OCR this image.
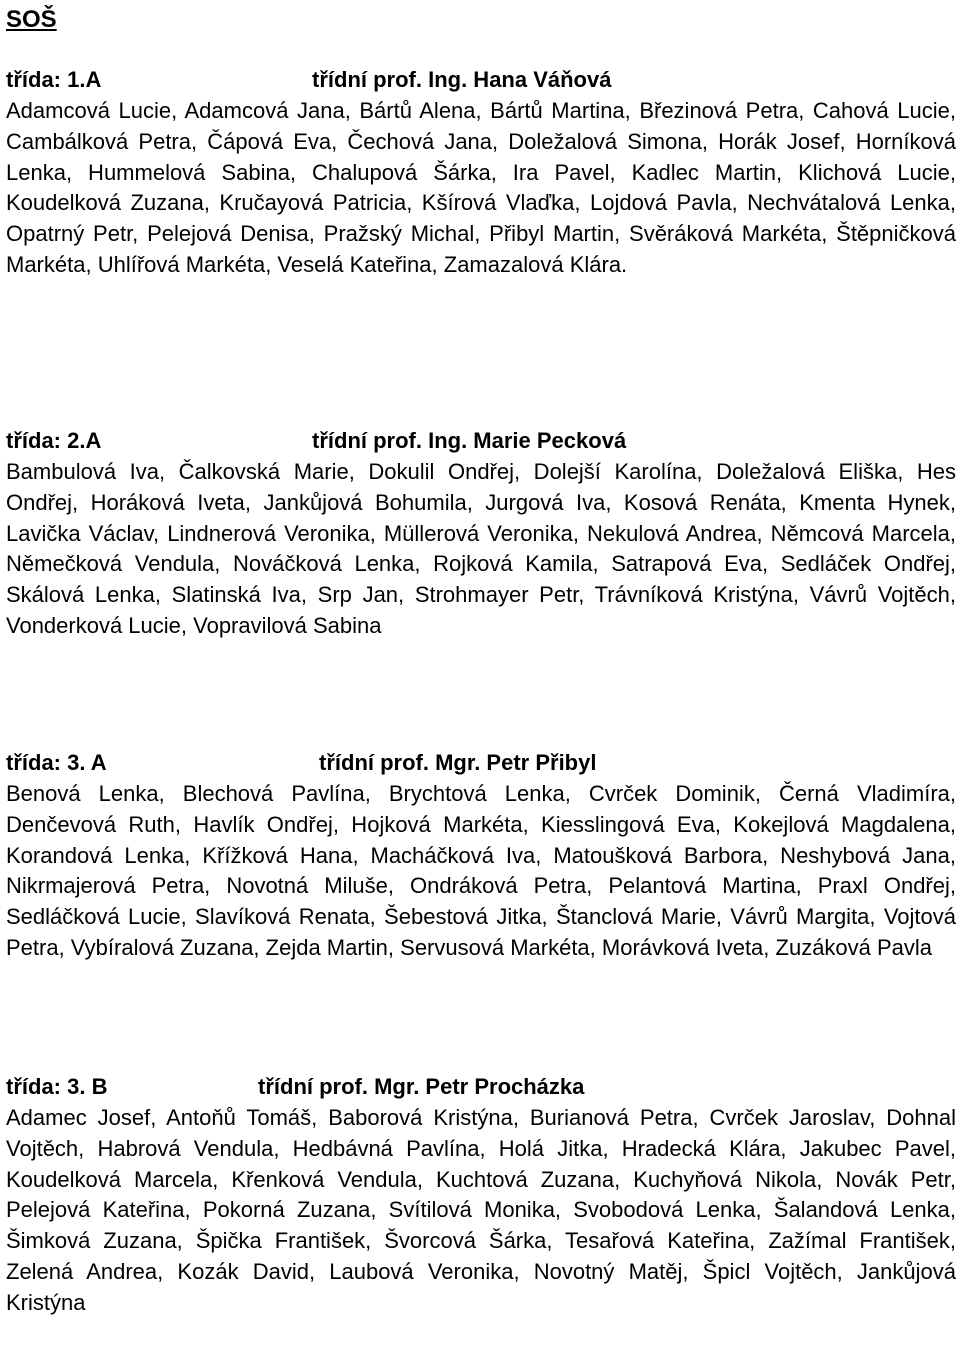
SOŠ
třída: 1.A	třídní prof. Ing. Hana Váňová

Adamcová Lucie, Adamcová Jana, Bártů Alena, Bártů Martina, Březinová Petra, Cahová Lucie, Cambálková Petra, Čápová Eva, Čechová Jana, Doležalová Simona, Horák Josef, Horníková Lenka, Hummelová Sabina, Chalupová Šárka, Ira Pavel, Kadlec Martin, Klichová Lucie, Koudelková Zuzana, Kručayová Patricia, Kšírová Vlaďka, Lojdová Pavla, Nechvátalová Lenka, Opatrný Petr, Pelejová Denisa, Pražský Michal, Přibyl Martin, Svěráková Markéta, Štěpničková Markéta, Uhlířová Markéta, Veselá Kateřina, Zamazalová Klára.

třída: 2.A	třídní prof. Ing. Marie Pecková

Bambulová Iva, Čalkovská Marie, Dokulil Ondřej, Dolejší Karolína, Doležalová Eliška, Hes Ondřej, Horáková Iveta, Jankůjová Bohumila, Jurgová Iva, Kosová Renáta, Kmenta Hynek, Lavička Václav, Lindnerová Veronika, Müllerová Veronika, Nekulová Andrea, Němcová Marcela, Němečková Vendula, Nováčková Lenka, Rojková Kamila, Satrapová Eva, Sedláček Ondřej, Skálová Lenka, Slatinská Iva, Srp Jan, Strohmayer Petr, Trávníková Kristýna, Vávrů Vojtěch, Vonderková Lucie, Vopravilová Sabina

třída: 3. A	třídní prof. Mgr. Petr Přibyl

Benová Lenka, Blechová Pavlína, Brychtová Lenka, Cvrček Dominik, Černá Vladimíra, Denčevová Ruth, Havlík Ondřej, Hojková Markéta, Kiesslingová Eva, Kokejlová Magdalena, Korandová Lenka, Křížková Hana, Macháčková Iva, Matoušková Barbora, Neshybová Jana, Nikrmajerová Petra, Novotná Miluše, Ondráková Petra, Pelantová Martina, Praxl Ondřej, Sedláčková Lucie, Slavíková Renata, Šebestová Jitka, Štanclová Marie, Vávrů Margita, Vojtová Petra, Vybíralová Zuzana, Zejda Martin, Servusová Markéta, Morávková Iveta, Zuzáková Pavla

třída: 3. B	třídní prof. Mgr. Petr Procházka

Adamec Josef, Antoňů Tomáš, Baborová Kristýna, Burianová Petra, Cvrček Jaroslav, Dohnal Vojtěch, Habrová Vendula, Hedbávná Pavlína, Holá Jitka, Hradecká Klára, Jakubec Pavel, Koudelková Marcela, Křenková Vendula, Kuchtová Zuzana, Kuchyňová Nikola, Novák Petr, Pelejová Kateřina, Pokorná Zuzana, Svítilová Monika, Svobodová Lenka, Šalandová Lenka, Šimková Zuzana, Špička František, Švorcová Šárka, Tesařová Kateřina, Zažímal František, Zelená Andrea, Kozák David, Laubová Veronika, Novotný Matěj, Špicl Vojtěch, Jankůjová Kristýna
